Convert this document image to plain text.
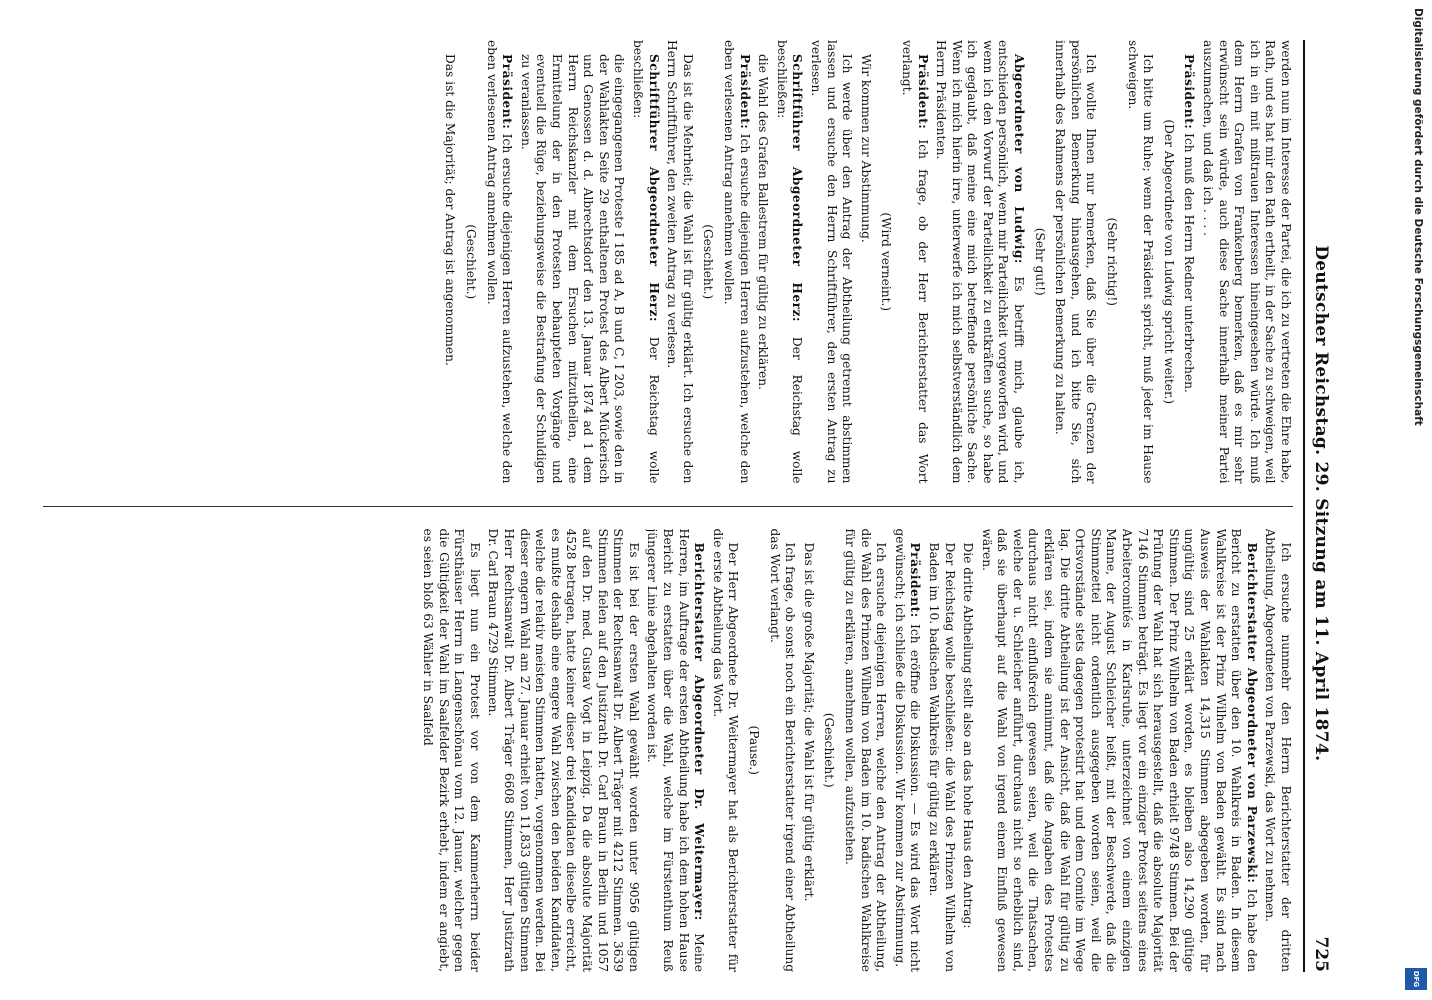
Deutscher Reichstag. 29. Sitzung am 11. April 1874.
725

werden nun im Interesse der Partei, die ich zu vertreten die Ehre habe, Rath, und es hat mir den Rath ertheilt, in der Sache zu schweigen, weil ich in ein mit mißtrauen Interessen hineingesehen würde. Ich muß dem Herrn Grafen von Frankenberg bemerken, daß es mir sehr erwünscht sein würde, auch diese Sache innerhalb meiner Partei auszumachen, und daß ich . . . .

Präsident: Ich muß den Herrn Redner unterbrechen.

(Der Abgeordnete von Ludwig spricht weiter.)

Ich bitte um Ruhe; wenn der Präsident spricht, muß jeder im Hause schweigen.

(Sehr richtig!)

Ich wollte Ihnen nur bemerken, daß Sie über die Grenzen der persönlichen Bemerkung hinausgehen, und ich bitte Sie, sich innerhalb des Rahmens der persönlichen Bemerkung zu halten.

(Sehr gut!)

Abgeordneter von Ludwig: Es betrifft mich, glaube ich, entschieden persönlich, wenn mir Parteilichkeit vorgeworfen wird, und wenn ich den Vorwurf der Parteilichkeit zu entkräften suche, so habe ich geglaubt, daß meine eine mich betreffende persönliche Sache. Wenn ich mich hierin irre, unterwerfe ich mich selbstverständlich dem Herrn Präsidenten.

Präsident: Ich frage, ob der Herr Berichterstatter das Wort verlangt.

(Wird verneint.)

Wir kommen zur Abstimmung.

Ich werde über den Antrag der Abtheilung getrennt abstimmen lassen und ersuche den Herrn Schriftführer, den ersten Antrag zu verlesen.

Schriftführer Abgeordneter Herz: Der Reichstag wolle beschließen:

die Wahl des Grafen Ballestrem für gültig zu erklären.

Präsident: Ich ersuche diejenigen Herren aufzustehen, welche den eben verlesenen Antrag annehmen wollen.

(Geschieht.)

Das ist die Mehrheit; die Wahl ist für gültig erklärt. Ich ersuche den Herrn Schriftführer, den zweiten Antrag zu verlesen.

Schriftführer Abgeordneter Herz: Der Reichstag wolle beschließen:

die eingegangenen Proteste I 185 ad A, B und C, I 203, sowie den in der Wahlakten Seite 29 enthaltenen Protest des Albert Mückerisch und Genossen d. d. Albrechtsdorf den 13. Januar 1874 ad 1 dem Herrn Reichskanzler mit dem Ersuchen mitzutheilen, eine Ermittelung der in den Protesten behaupteten Vorgänge und eventuell die Rüge, beziehungsweise die Bestrafung der Schuldigen zu veranlassen.

Präsident: Ich ersuche diejenigen Herren aufzustehen, welche den eben verlesenen Antrag annehmen wollen.

(Geschieht.)

Das ist die Majorität; der Antrag ist angenommen.

Ich ersuche nunmehr den Herrn Berichterstatter der dritten Abtheilung, Abgeordneten von Parzewski, das Wort zu nehmen.

Berichterstatter Abgeordneter von Parzewski: Ich habe den Bericht zu erstatten über den 10. Wahlkreis in Baden. In diesem Wahlkreise ist der Prinz Wilhelm von Baden gewählt. Es sind nach Ausweis der Wahlakten 14,315 Stimmen abgegeben worden, für ungültig sind 25 erklärt worden, es bleiben also 14,290 gültige Stimmen. Der Prinz Wilhelm von Baden erhielt 9748 Stimmen. Bei der Prüfung der Wahl hat sich herausgestellt, daß die absolute Majorität 7146 Stimmen beträgt. Es liegt vor ein einziger Protest seitens eines Arbeitercomités in Karlsruhe, unterzeichnet von einem einzigen Manne, der August Schleicher heißt, mit der Beschwerde, daß die Stimmzettel nicht ordentlich ausgegeben worden seien, weil die Ortsvorstände stets dagegen protestirt hat und dem Comite im Wege lag. Die dritte Abtheilung ist der Ansicht, daß die Wahl für gültig zu erklären sei, indem sie annimmt, daß die Angaben des Protestes durchaus nicht einflußreich gewesen seien, weil die Thatsachen, welche der u. Schleicher anführt, durchaus nicht so erheblich sind, daß sie überhaupt auf die Wahl von irgend einem Einfluß gewesen wären.

Die dritte Abtheilung stellt also an das hohe Haus den Antrag:

Der Reichstag wolle beschließen: die Wahl des Prinzen Wilhelm von Baden im 10. badischen Wahlkreis für gültig zu erklären.

Präsident: Ich eröffne die Diskussion. — Es wird das Wort nicht gewünscht; ich schließe die Diskussion. Wir kommen zur Abstimmung.

Ich ersuche diejenigen Herren, welche den Antrag der Abtheilung, die Wahl des Prinzen Wilhelm von Baden im 10. badischen Wahlkreise für gültig zu erklären, annehmen wollen, aufzustehen.

(Geschieht.)

Das ist die große Majorität; die Wahl ist für gültig erklärt.

Ich frage, ob sonst noch ein Berichterstatter irgend einer Abtheilung das Wort verlangt.

(Pause.)

Der Herr Abgeordnete Dr. Weitermayer hat als Berichterstatter für die erste Abtheilung das Wort.

Berichterstatter Abgeordneter Dr. Weitermayer: Meine Herren, im Auftrage der ersten Abtheilung habe ich dem hohen Hause Bericht zu erstatten über die Wahl, welche im Fürstenthum Reuß jüngerer Linie abgehalten worden ist.

Es ist bei der ersten Wahl gewählt worden unter 9056 gültigen Stimmen der Rechtsanwalt Dr. Albert Träger mit 4212 Stimmen. 3639 Stimmen fielen auf den Justizrath Dr. Carl Braun in Berlin und 1057 auf den Dr. med. Gustav Vogt in Leipzig. Da die absolute Majorität 4528 betragen, hatte keiner dieser drei Kandidaten dieselbe erreicht, es mußte deshalb eine engere Wahl zwischen den beiden Kandidaten, welche die relativ meisten Stimmen hatten, vorgenommen werden. Bei dieser engern Wahl am 27. Januar erhielt von 11,833 gültigen Stimmen Herr Rechtsanwalt Dr. Albert Träger 6608 Stimmen, Herr Justizrath Dr. Carl Braun 4729 Stimmen.

Es liegt nun ein Protest vor von dem Kammerherrn beider Fürsthäuser Herrn in Langenschönau vom 12. Januar, welcher gegen die Gültigkeit der Wahl im Saalfelder Bezirk erhebt, indem er angiebt, es seien bloß 63 Wähler in Saalfeld

Digitalisierung gefördert durch die Deutsche Forschungsgemeinschaft
DFG
